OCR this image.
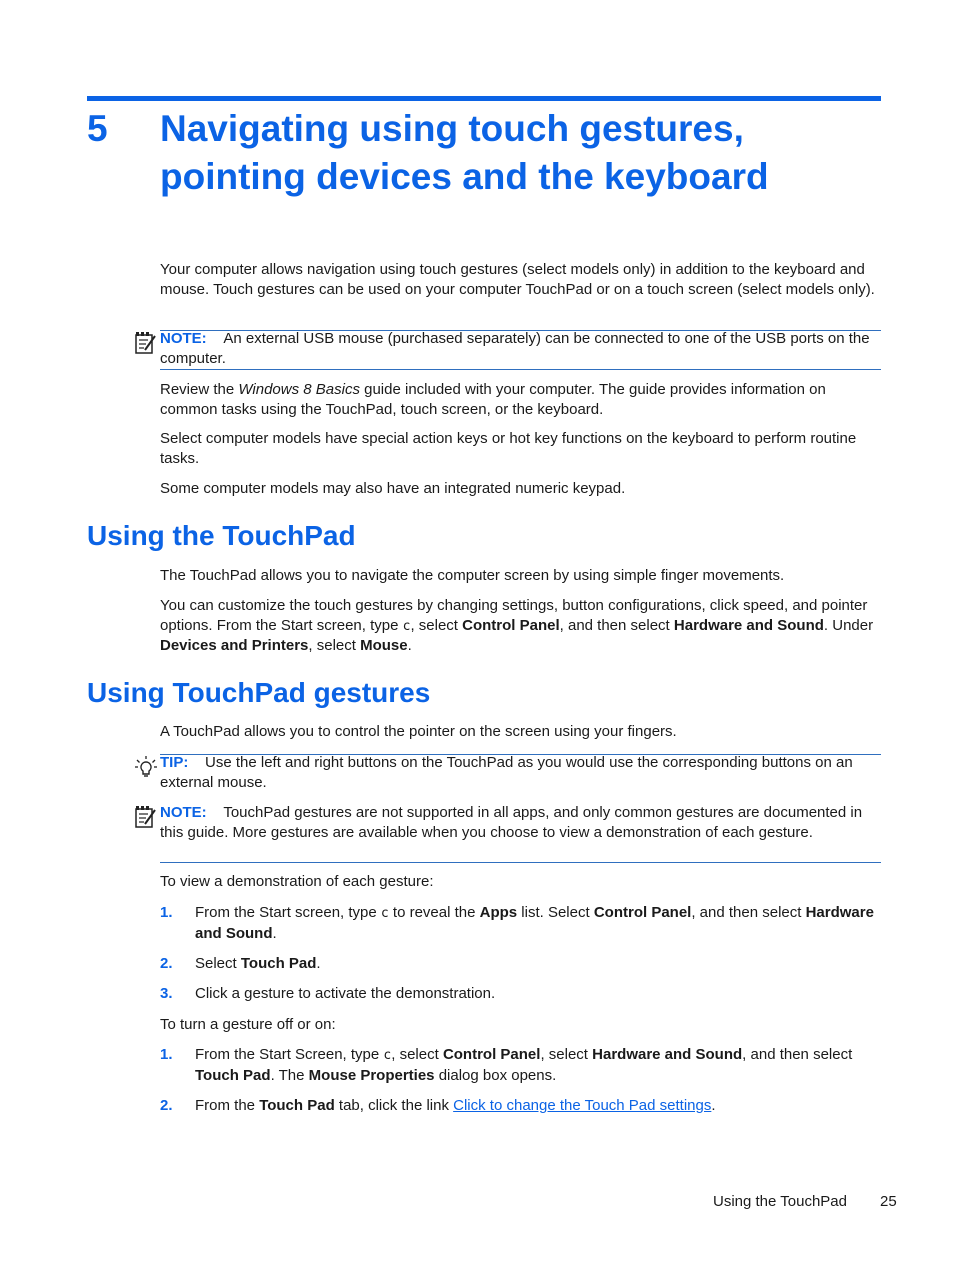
5 Navigating using touch gestures,
pointing devices and the keyboard
Your computer allows navigation using touch gestures (select models only) in addition to the keyboard and mouse. Touch gestures can be used on your computer TouchPad or on a touch screen (select models only).
NOTE: An external USB mouse (purchased separately) can be connected to one of the USB ports on the computer.
Review the Windows 8 Basics guide included with your computer. The guide provides information on common tasks using the TouchPad, touch screen, or the keyboard.
Select computer models have special action keys or hot key functions on the keyboard to perform routine tasks.
Some computer models may also have an integrated numeric keypad.
Using the TouchPad
The TouchPad allows you to navigate the computer screen by using simple finger movements.
You can customize the touch gestures by changing settings, button configurations, click speed, and pointer options. From the Start screen, type c, select Control Panel, and then select Hardware and Sound. Under Devices and Printers, select Mouse.
Using TouchPad gestures
A TouchPad allows you to control the pointer on the screen using your fingers.
TIP: Use the left and right buttons on the TouchPad as you would use the corresponding buttons on an external mouse.
NOTE: TouchPad gestures are not supported in all apps, and only common gestures are documented in this guide. More gestures are available when you choose to view a demonstration of each gesture.
To view a demonstration of each gesture:
1. From the Start screen, type c to reveal the Apps list. Select Control Panel, and then select Hardware and Sound.
2. Select Touch Pad.
3. Click a gesture to activate the demonstration.
To turn a gesture off or on:
1. From the Start Screen, type c, select Control Panel, select Hardware and Sound, and then select Touch Pad. The Mouse Properties dialog box opens.
2. From the Touch Pad tab, click the link Click to change the Touch Pad settings.
Using the TouchPad 25
